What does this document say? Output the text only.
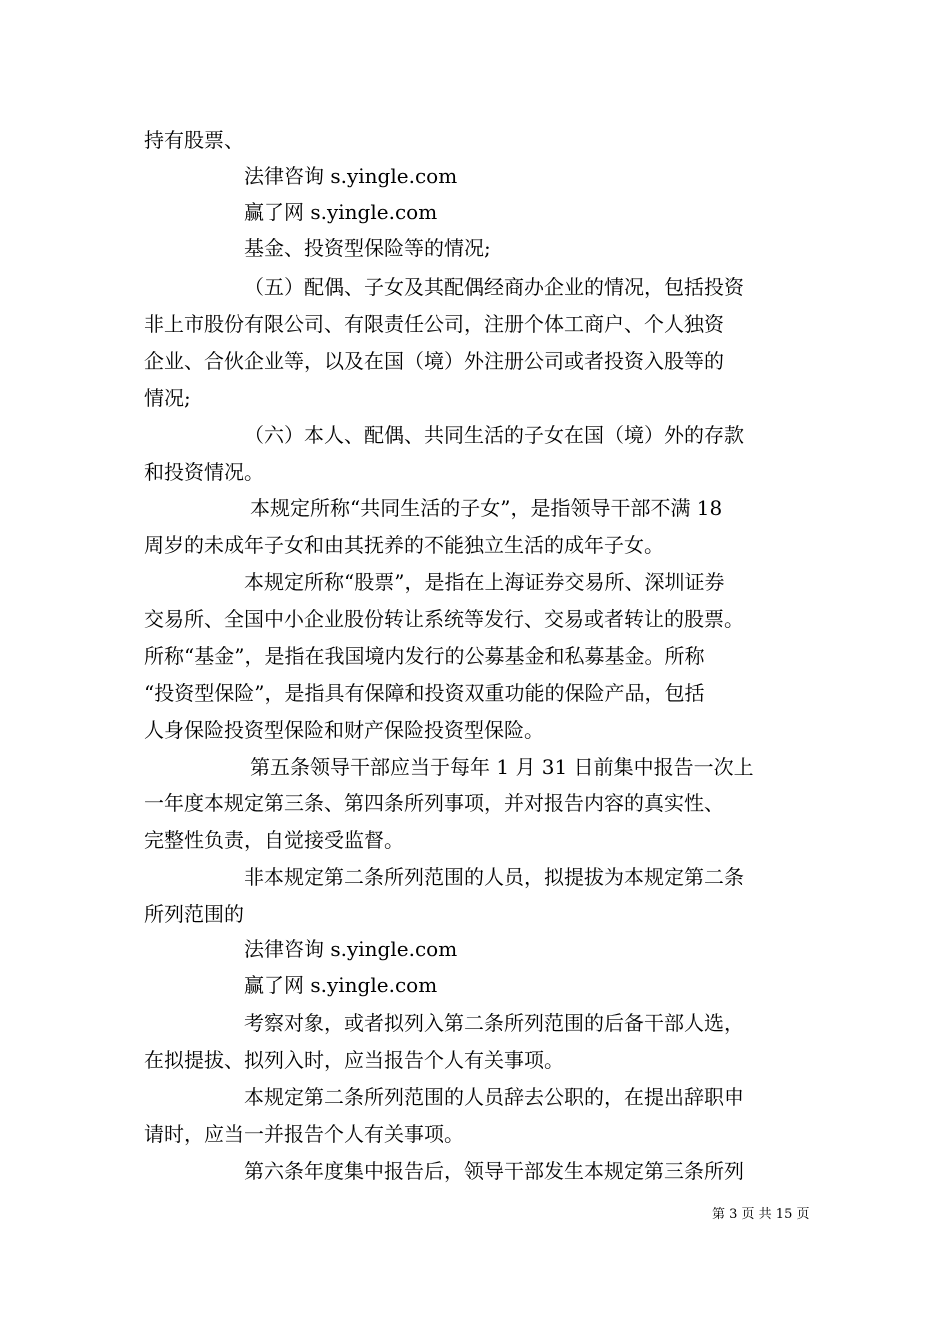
持有股票、
法律咨询 s.yingle.com
赢了网 s.yingle.com
基金、投资型保险等的情况;
（五）配偶、子女及其配偶经商办企业的情况，包括投资
非上市股份有限公司、有限责任公司，注册个体工商户、个人独资
企业、合伙企业等，以及在国（境）外注册公司或者投资入股等的
情况;
（六）本人、配偶、共同生活的子女在国（境）外的存款
和投资情况。
本规定所称“共同生活的子女”，是指领导干部不满 18
周岁的未成年子女和由其抚养的不能独立生活的成年子女。
本规定所称“股票”，是指在上海证券交易所、深圳证券
交易所、全国中小企业股份转让系统等发行、交易或者转让的股票。
所称“基金”，是指在我国境内发行的公募基金和私募基金。所称
“投资型保险”，是指具有保障和投资双重功能的保险产品，包括
人身保险投资型保险和财产保险投资型保险。
第五条领导干部应当于每年 1 月 31 日前集中报告一次上
一年度本规定第三条、第四条所列事项，并对报告内容的真实性、
完整性负责，自觉接受监督。
非本规定第二条所列范围的人员，拟提拔为本规定第二条
所列范围的
法律咨询 s.yingle.com
赢了网 s.yingle.com
考察对象，或者拟列入第二条所列范围的后备干部人选，
在拟提拔、拟列入时，应当报告个人有关事项。
本规定第二条所列范围的人员辞去公职的，在提出辞职申
请时，应当一并报告个人有关事项。
第六条年度集中报告后，领导干部发生本规定第三条所列
第 3 页 共 15 页
